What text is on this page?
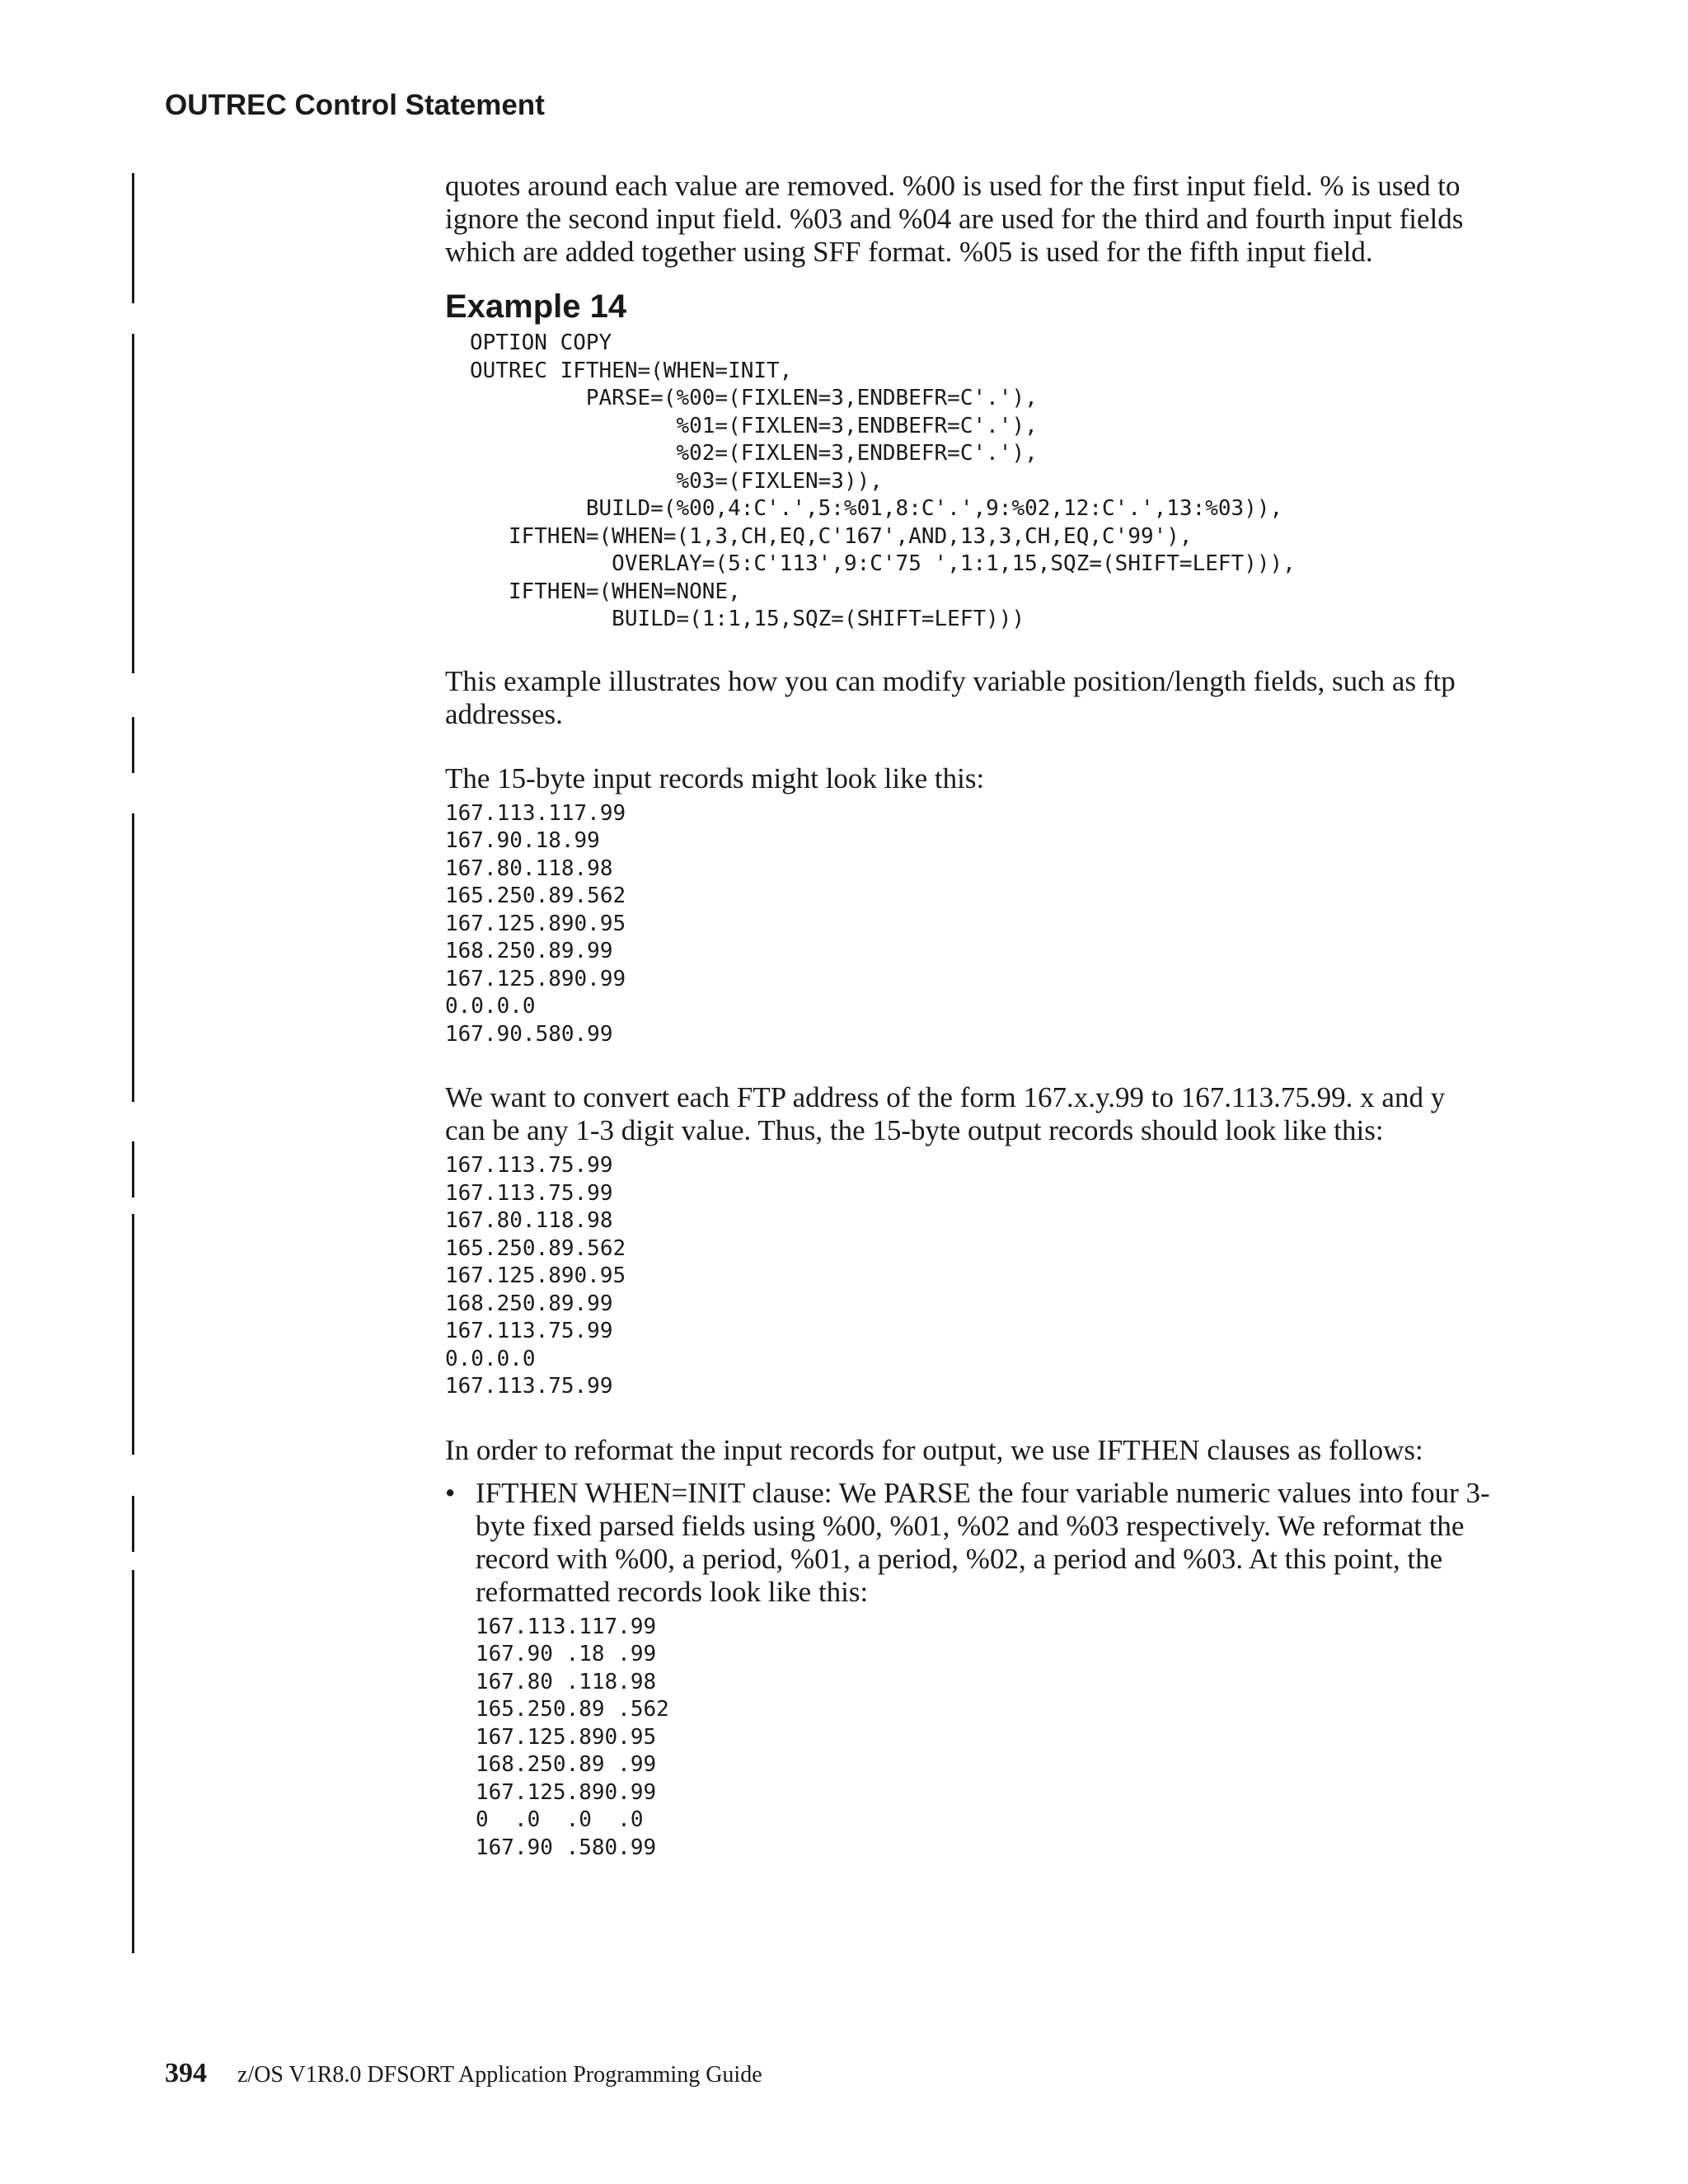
OUTREC Control Statement

quotes around each value are removed. %00 is used for the first input field. % is used to ignore the second input field. %03 and %04 are used for the third and fourth input fields which are added together using SFF format. %05 is used for the fifth input field.

Example 14
OPTION COPY
OUTREC IFTHEN=(WHEN=INIT,
PARSE=(%00=(FIXLEN=3,ENDBEFR=C'.'),
%01=(FIXLEN=3,ENDBEFR=C'.'),
%02=(FIXLEN=3,ENDBEFR=C'.'),
%03=(FIXLEN=3)),
BUILD=(%00,4:C'.',5:%01,8:C'.',9:%02,12:C'.',13:%03)),
IFTHEN=(WHEN=(1,3,CH,EQ,C'167',AND,13,3,CH,EQ,C'99'),
OVERLAY=(5:C'113',9:C'75 ',1:1,15,SQZ=(SHIFT=LEFT))),
IFTHEN=(WHEN=NONE,
BUILD=(1:1,15,SQZ=(SHIFT=LEFT)))

This example illustrates how you can modify variable position/length fields, such as ftp addresses.

The 15-byte input records might look like this:

167.113.117.99
167.90.18.99
167.80.118.98
165.250.89.562
167.125.890.95
168.250.89.99
167.125.890.99
0.0.0.0
167.90.580.99

We want to convert each FTP address of the form 167.x.y.99 to 167.113.75.99. x and y can be any 1-3 digit value. Thus, the 15-byte output records should look like this:

167.113.75.99
167.113.75.99
167.80.118.98
165.250.89.562
167.125.890.95
168.250.89.99
167.113.75.99
0.0.0.0
167.113.75.99

In order to reformat the input records for output, we use IFTHEN clauses as follows:

• IFTHEN WHEN=INIT clause: We PARSE the four variable numeric values into four 3-byte fixed parsed fields using %00, %01, %02 and %03 respectively. We reformat the record with %00, a period, %01, a period, %02, a period and %03. At this point, the reformatted records look like this:

167.113.117.99
167.90 .18 .99
167.80 .118.98
165.250.89 .562
167.125.890.95
168.250.89 .99
167.125.890.99
0  .0  .0  .0
167.90 .580.99
394 z/OS V1R8.0 DFSORT Application Programming Guide
